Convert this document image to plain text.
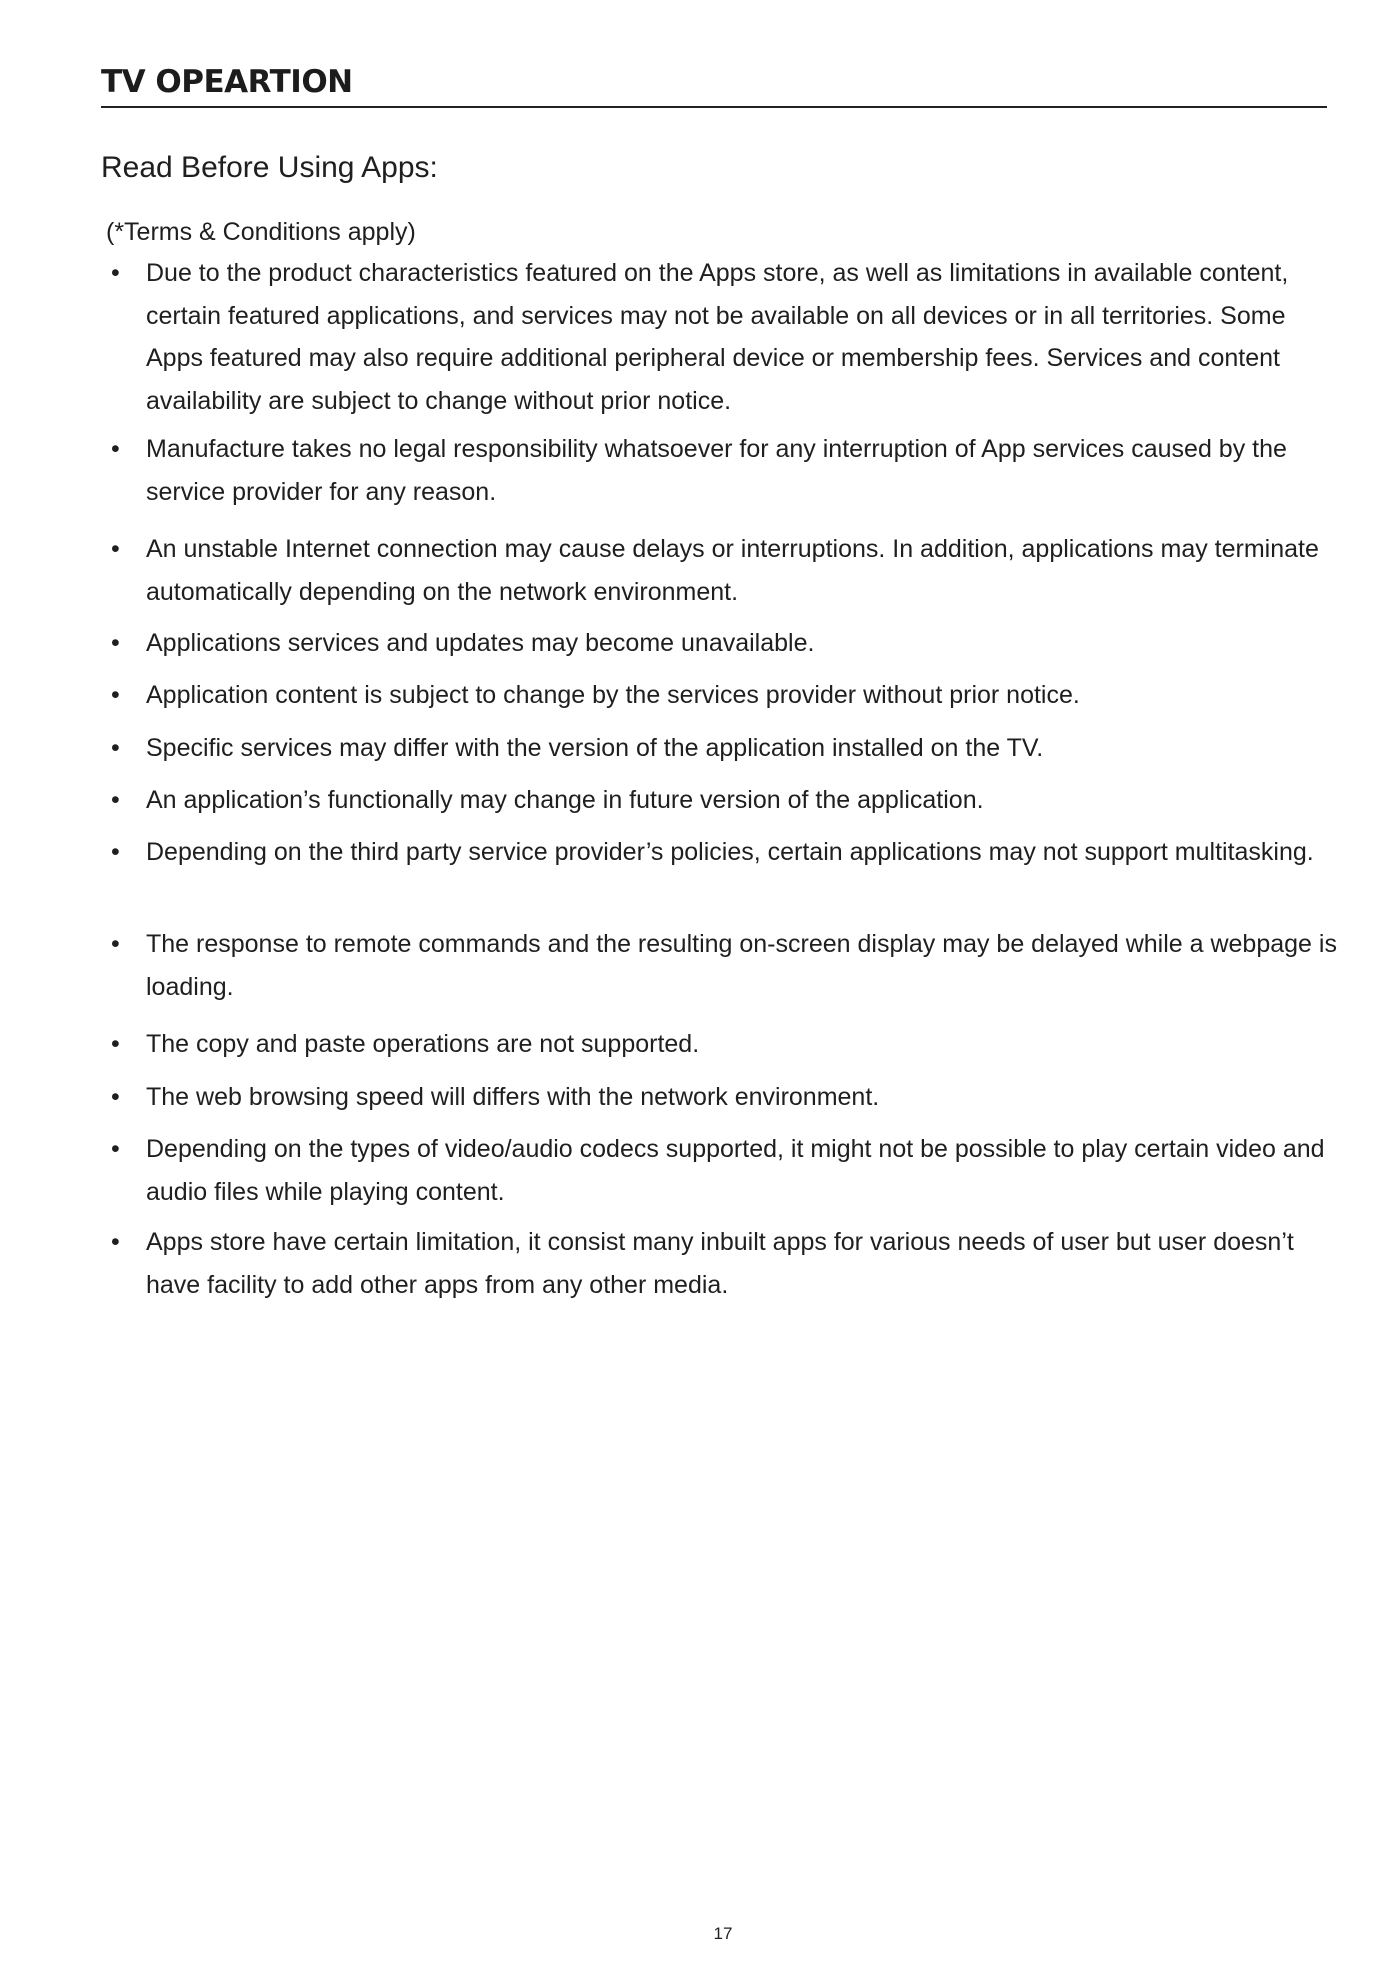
TV OPEARTION
Read Before Using Apps:
(*Terms & Conditions apply)
• Due to the product characteristics featured on the Apps store, as well as limitations in available content, certain featured applications, and services may not be available on all devices or in all territories. Some Apps featured may also require additional peripheral device or membership fees. Services and content availability are subject to change without prior notice.
• Manufacture takes no legal responsibility whatsoever for any interruption of App services caused by the service provider for any reason.
• An unstable Internet connection may cause delays or interruptions. In addition, applications may terminate automatically depending on the network environment.
• Applications services and updates may become unavailable.
• Application content is subject to change by the services provider without prior notice.
• Specific services may differ with the version of the application installed on the TV.
• An application’s functionally may change in future version of the application.
• Depending on the third party service provider’s policies, certain applications may not support multitasking.
• The response to remote commands and the resulting on-screen display may be delayed while a webpage is loading.
• The copy and paste operations are not supported.
• The web browsing speed will differs with the network environment.
• Depending on the types of video/audio codecs supported, it might not be possible to play certain video and audio files while playing content.
• Apps store have certain limitation, it consist many inbuilt apps for various needs of user but user doesn’t have facility to add other apps from any other media.
17
